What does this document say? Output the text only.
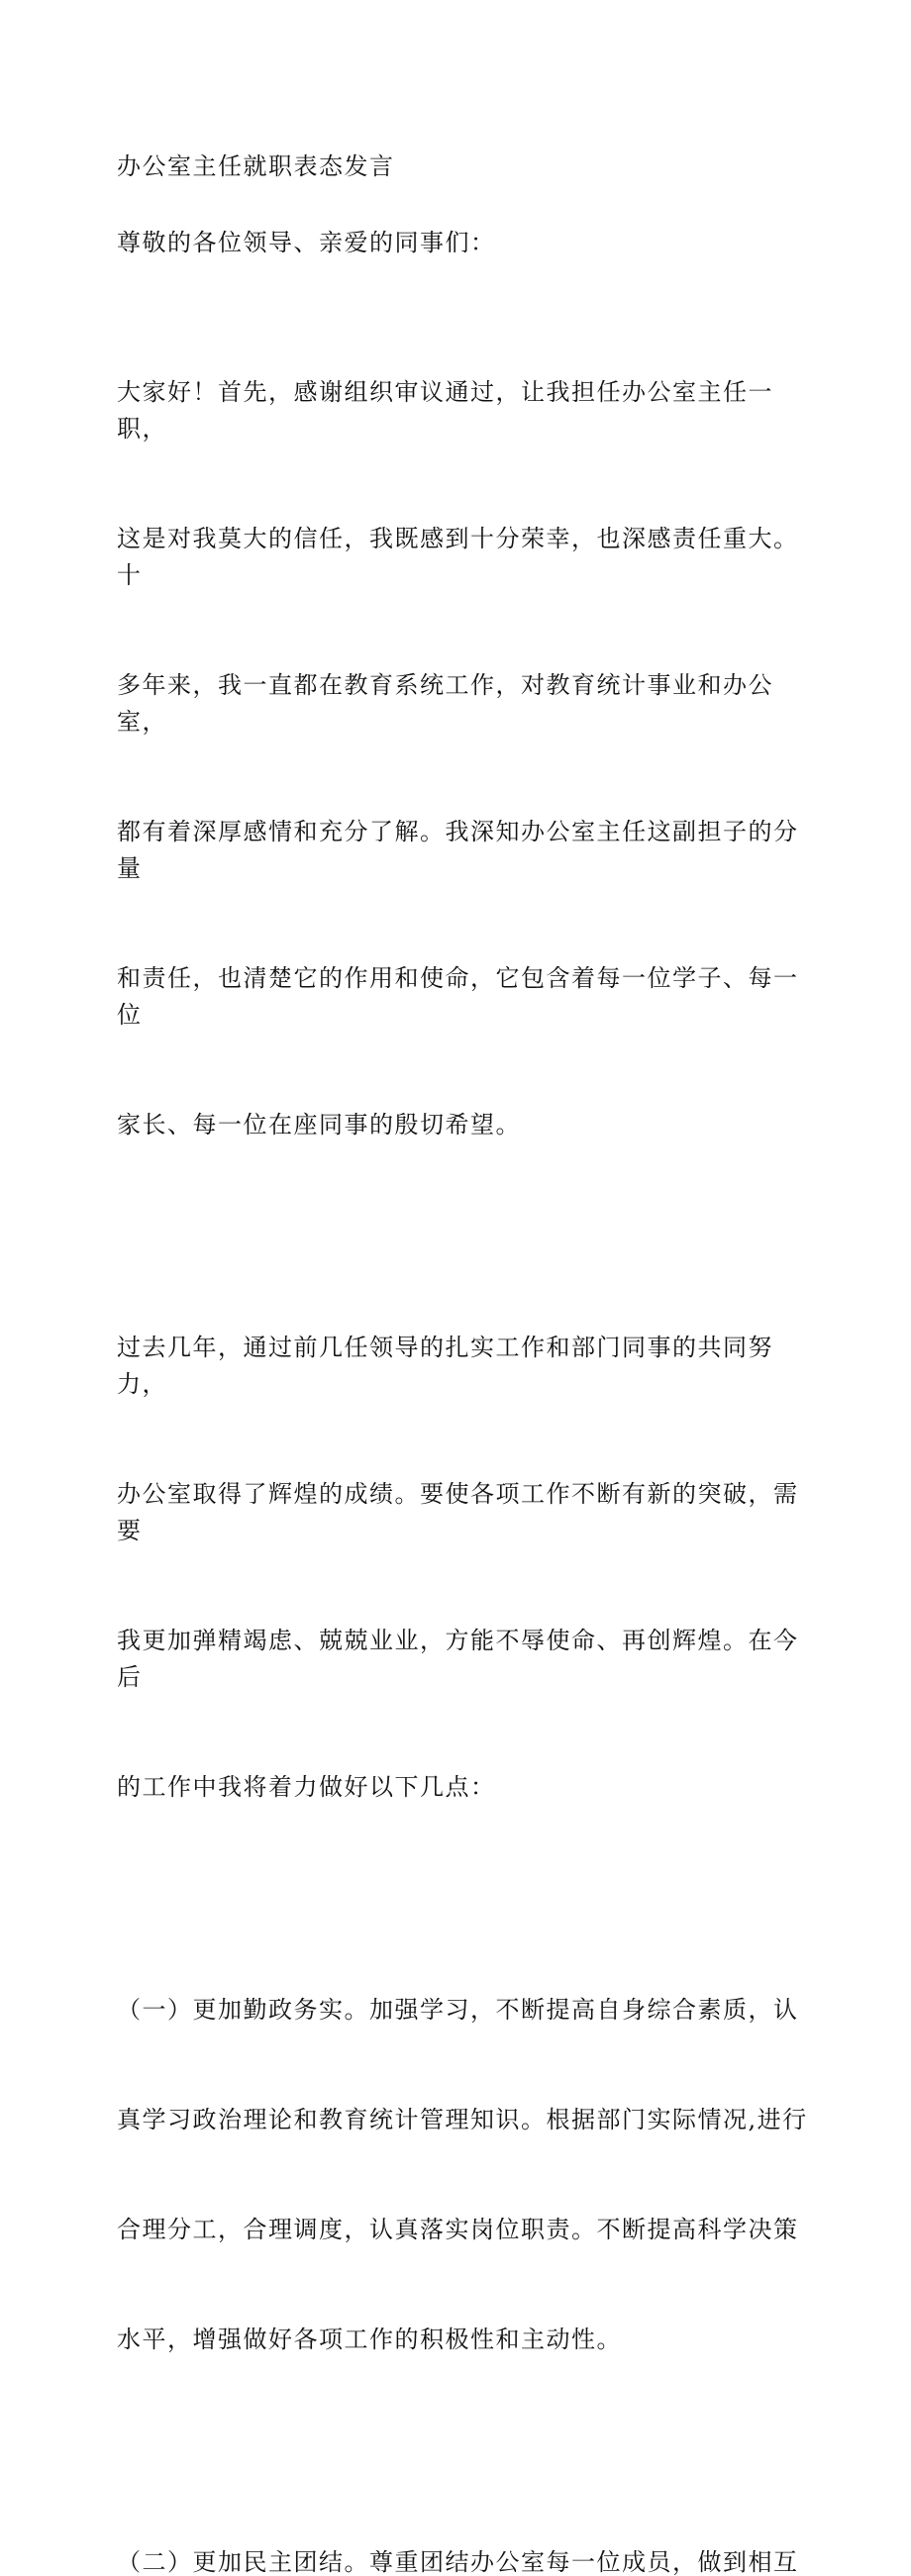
办公室主任就职表态发言

尊敬的各位领导、亲爱的同事们：

大家好！首先，感谢组织审议通过，让我担任办公室主任一职，

这是对我莫大的信任，我既感到十分荣幸，也深感责任重大。十

多年来，我一直都在教育系统工作，对教育统计事业和办公室，

都有着深厚感情和充分了解。我深知办公室主任这副担子的分量

和责任，也清楚它的作用和使命，它包含着每一位学子、每一位

家长、每一位在座同事的殷切希望。

过去几年，通过前几任领导的扎实工作和部门同事的共同努力，

办公室取得了辉煌的成绩。要使各项工作不断有新的突破，需要

我更加弹精竭虑、兢兢业业，方能不辱使命、再创辉煌。在今后

的工作中我将着力做好以下几点：

（一）更加勤政务实。加强学习，不断提高自身综合素质，认

真学习政治理论和教育统计管理知识。根据部门实际情况,进行

合理分工，合理调度，认真落实岗位职责。不断提高科学决策

水平，增强做好各项工作的积极性和主动性。

（二）更加民主团结。尊重团结办公室每一位成员，做到相互
